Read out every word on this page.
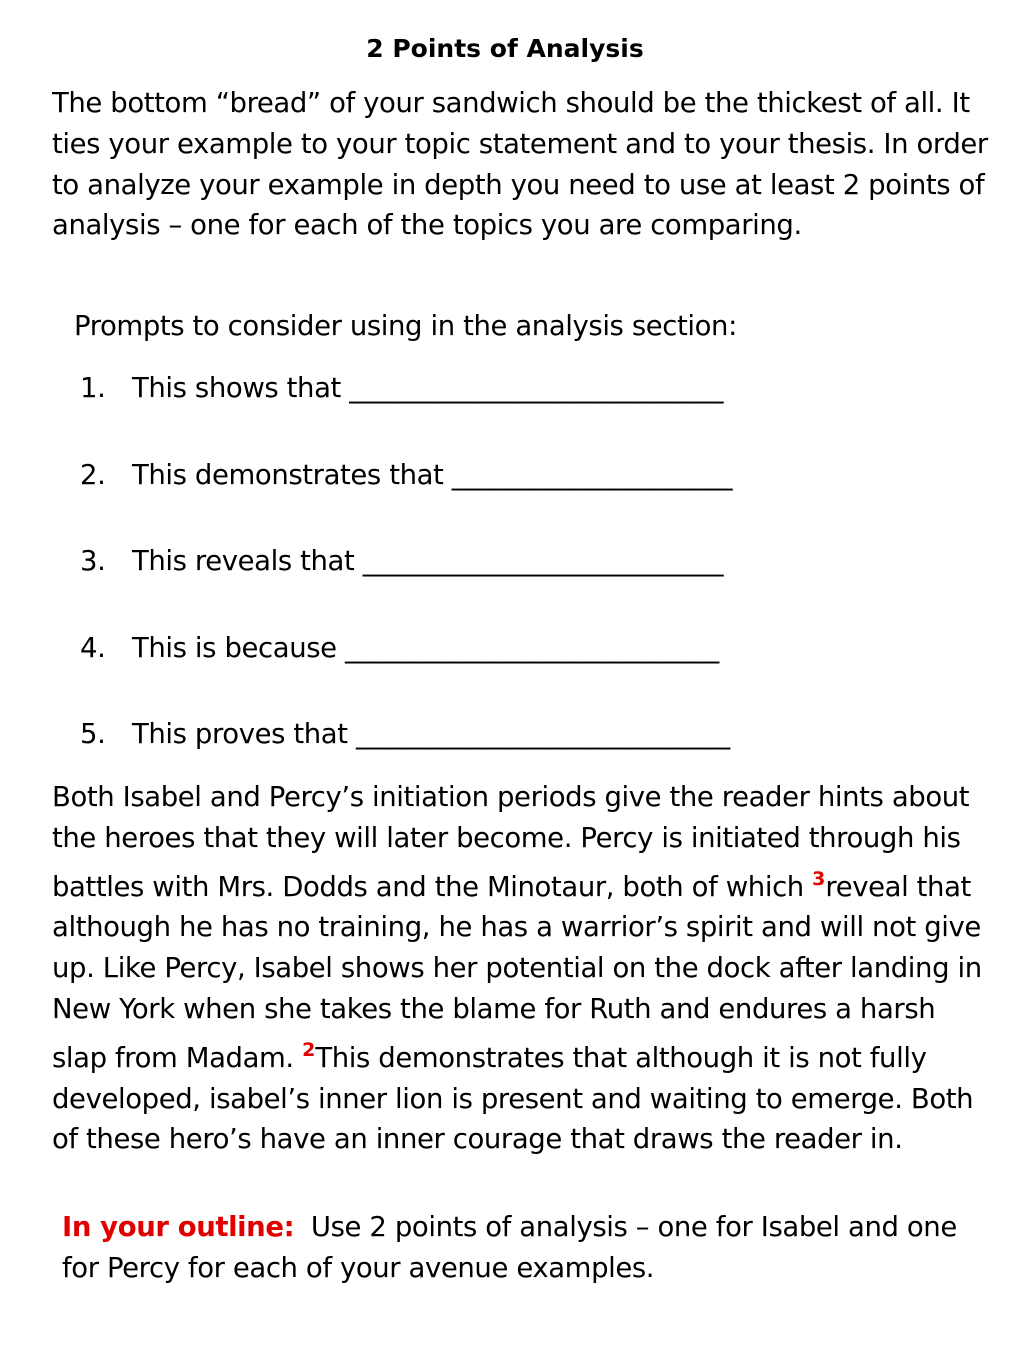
2 Points of Analysis

The bottom “bread” of your sandwich should be the thickest of all. It ties your example to your topic statement and to your thesis. In order to analyze your example in depth you need to use at least 2 points of analysis – one for each of the topics you are comparing.

Prompts to consider using in the analysis section:

1. This shows that ____________________________
2. This demonstrates that _____________________
3. This reveals that ___________________________
4. This is because ____________________________
5. This proves that ____________________________

Both Isabel and Percy’s initiation periods give the reader hints about the heroes that they will later become. Percy is initiated through his battles with Mrs. Dodds and the Minotaur, both of which $^3$reveal that although he has no training, he has a warrior’s spirit and will not give up. Like Percy, Isabel shows her potential on the dock after landing in New York when she takes the blame for Ruth and endures a harsh slap from Madam. $^2$This demonstrates that although it is not fully developed, isabel’s inner lion is present and waiting to emerge. Both of these hero’s have an inner courage that draws the reader in.

In your outline:  Use 2 points of analysis – one for Isabel and one for Percy for each of your avenue examples.
